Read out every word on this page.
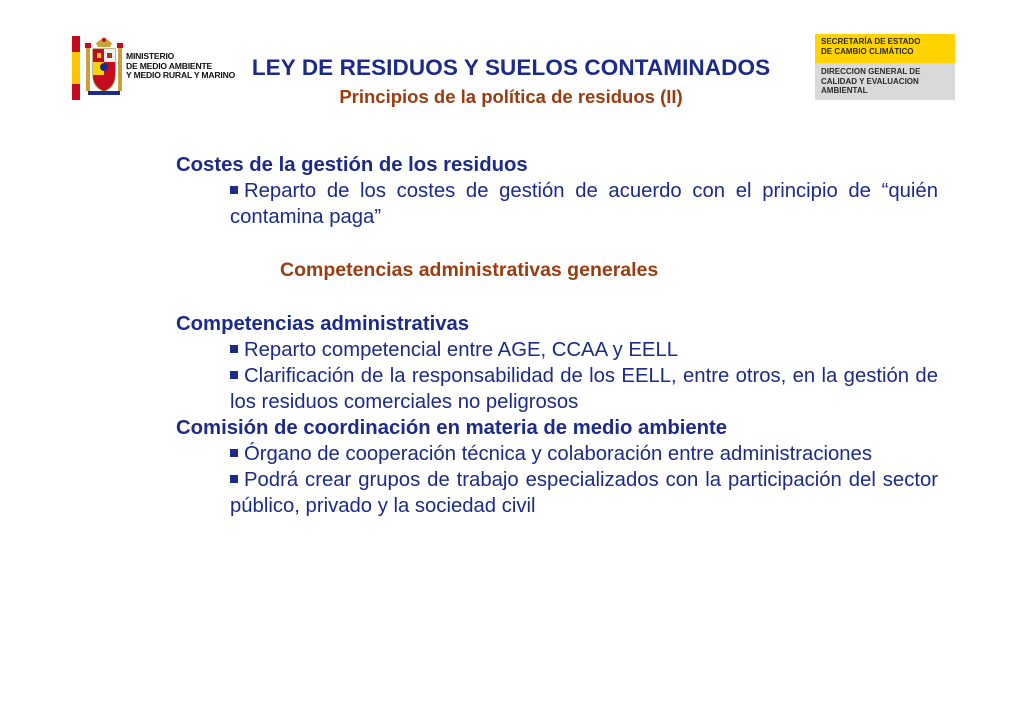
MINISTERIO
DE MEDIO AMBIENTE
Y MEDIO RURAL Y MARINO
SECRETARÍA DE ESTADO
DE CAMBIO CLIMÁTICO
DIRECCION GENERAL DE
CALIDAD Y EVALUACION
AMBIENTAL
LEY DE RESIDUOS Y SUELOS CONTAMINADOS
Principios de la política de residuos (II)
Costes de la gestión de los residuos
Reparto de los costes de gestión de acuerdo con el principio de “quién contamina paga”
Competencias administrativas generales
Competencias administrativas
Reparto competencial entre AGE, CCAA y EELL
Clarificación de la responsabilidad de los EELL, entre otros, en la gestión de los residuos comerciales no peligrosos
Comisión de coordinación en materia de medio ambiente
Órgano de cooperación técnica y colaboración entre administraciones
Podrá crear grupos de trabajo especializados con la participación del sector público, privado y la sociedad civil
